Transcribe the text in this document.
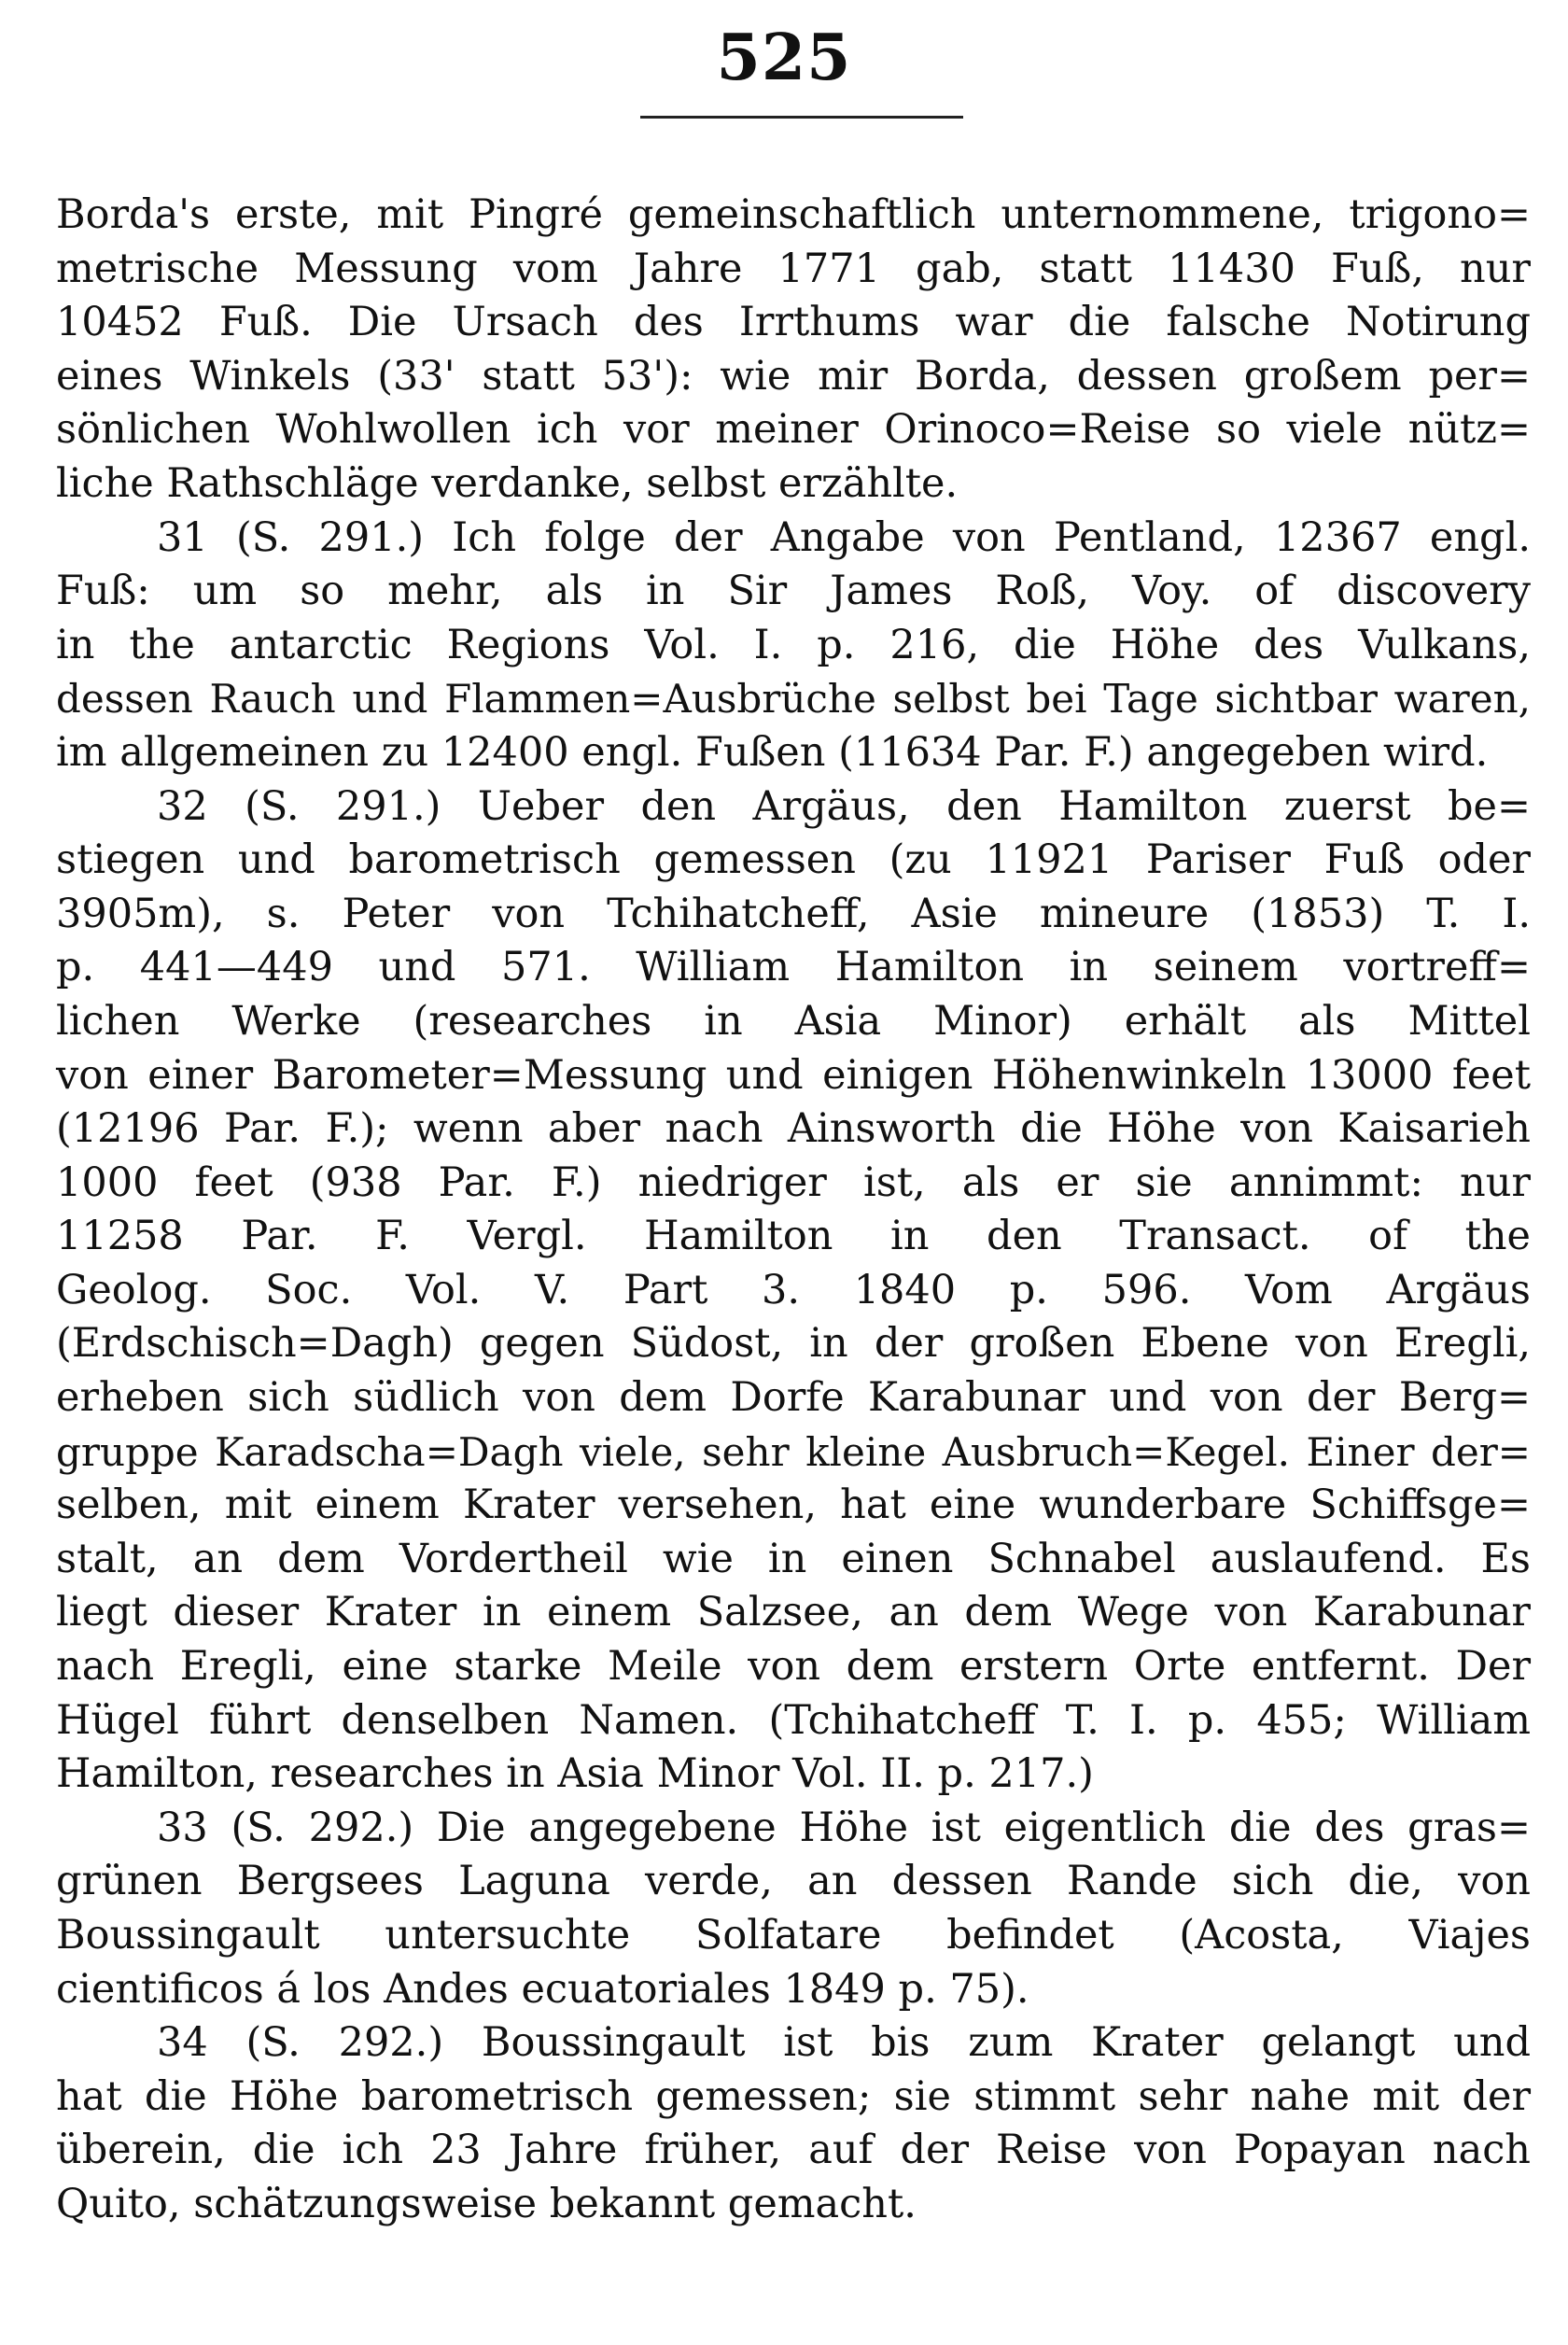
525
Borda's erste, mit Pingré gemeinschaftlich unternommene, trigono=
metrische Messung vom Jahre 1771 gab, statt 11430 Fuß, nur
10452 Fuß. Die Ursach des Irrthums war die falsche Notirung
eines Winkels (33' statt 53'): wie mir Borda, dessen großem per=
sönlichen Wohlwollen ich vor meiner Orinoco=Reise so viele nütz=
liche Rathschläge verdanke, selbst erzählte.
31 (S. 291.) Ich folge der Angabe von Pentland, 12367 engl.
Fuß: um so mehr, als in Sir James Roß, Voy. of discovery
in the antarctic Regions Vol. I. p. 216, die Höhe des Vulkans,
dessen Rauch und Flammen=Ausbrüche selbst bei Tage sichtbar waren,
im allgemeinen zu 12400 engl. Fußen (11634 Par. F.) angegeben wird.
32 (S. 291.) Ueber den Argäus, den Hamilton zuerst be=
stiegen und barometrisch gemessen (zu 11921 Pariser Fuß oder
3905m), s. Peter von Tchihatcheff, Asie mineure (1853) T. I.
p. 441—449 und 571. William Hamilton in seinem vortreff=
lichen Werke (researches in Asia Minor) erhält als Mittel
von einer Barometer=Messung und einigen Höhenwinkeln 13000 feet
(12196 Par. F.); wenn aber nach Ainsworth die Höhe von Kaisarieh
1000 feet (938 Par. F.) niedriger ist, als er sie annimmt: nur
11258 Par. F. Vergl. Hamilton in den Transact. of the
Geolog. Soc. Vol. V. Part 3. 1840 p. 596. Vom Argäus
(Erdschisch=Dagh) gegen Südost, in der großen Ebene von Eregli,
erheben sich südlich von dem Dorfe Karabunar und von der Berg=
gruppe Karadscha=Dagh viele, sehr kleine Ausbruch=Kegel. Einer der=
selben, mit einem Krater versehen, hat eine wunderbare Schiffsge=
stalt, an dem Vordertheil wie in einen Schnabel auslaufend. Es
liegt dieser Krater in einem Salzsee, an dem Wege von Karabunar
nach Eregli, eine starke Meile von dem erstern Orte entfernt. Der
Hügel führt denselben Namen. (Tchihatcheff T. I. p. 455; William
Hamilton, researches in Asia Minor Vol. II. p. 217.)
33 (S. 292.) Die angegebene Höhe ist eigentlich die des gras=
grünen Bergsees Laguna verde, an dessen Rande sich die, von
Boussingault untersuchte Solfatare befindet (Acosta, Viajes
cientificos á los Andes ecuatoriales 1849 p. 75).
34 (S. 292.) Boussingault ist bis zum Krater gelangt und
hat die Höhe barometrisch gemessen; sie stimmt sehr nahe mit der
überein, die ich 23 Jahre früher, auf der Reise von Popayan nach
Quito, schätzungsweise bekannt gemacht.
